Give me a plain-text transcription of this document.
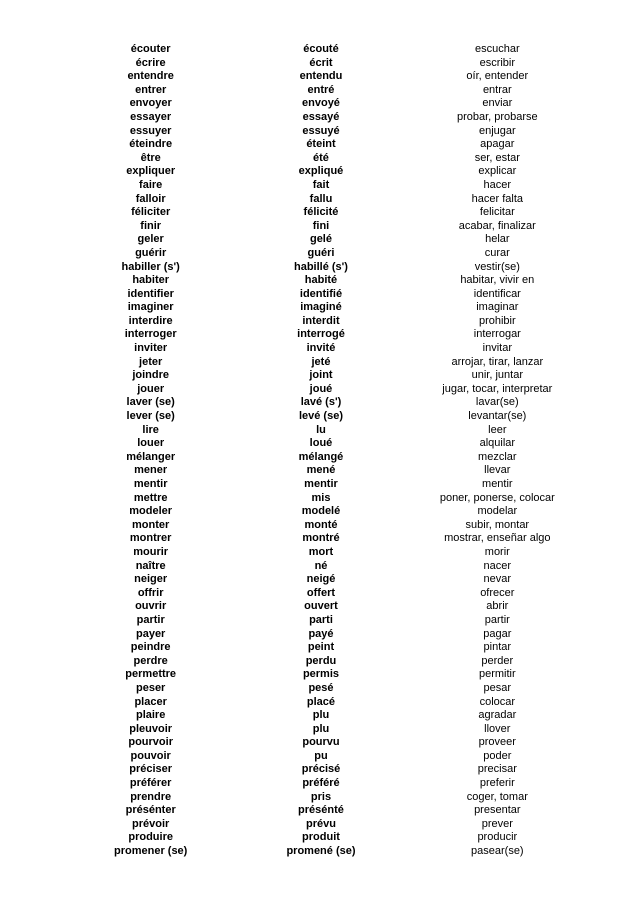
écouter	écouté	escuchar
écrire	écrit	escribir
entendre	entendu	oír, entender
entrer	entré	entrar
envoyer	envoyé	enviar
essayer	essayé	probar, probarse
essuyer	essuyé	enjugar
éteindre	éteint	apagar
être	été	ser, estar
expliquer	expliqué	explicar
faire	fait	hacer
falloir	fallu	hacer falta
féliciter	félicité	felicitar
finir	fini	acabar, finalizar
geler	gelé	helar
guérir	guéri	curar
habiller (s')	habillé (s')	vestir(se)
habiter	habité	habitar, vivir en
identifier	identifié	identificar
imaginer	imaginé	imaginar
interdire	interdit	prohibir
interroger	interrogé	interrogar
inviter	invité	invitar
jeter	jeté	arrojar, tirar, lanzar
joindre	joint	unir, juntar
jouer	joué	jugar, tocar, interpretar
laver (se)	lavé (s')	lavar(se)
lever (se)	levé (se)	levantar(se)
lire	lu	leer
louer	loué	alquilar
mélanger	mélangé	mezclar
mener	mené	llevar
mentir	mentir	mentir
mettre	mis	poner, ponerse, colocar
modeler	modelé	modelar
monter	monté	subir, montar
montrer	montré	mostrar, enseñar algo
mourir	mort	morir
naître	né	nacer
neiger	neigé	nevar
offrir	offert	ofrecer
ouvrir	ouvert	abrir
partir	parti	partir
payer	payé	pagar
peindre	peint	pintar
perdre	perdu	perder
permettre	permis	permitir
peser	pesé	pesar
placer	placé	colocar
plaire	plu	agradar
pleuvoir	plu	llover
pourvoir	pourvu	proveer
pouvoir	pu	poder
préciser	précisé	precisar
préférer	préféré	preferir
prendre	pris	coger, tomar
présénter	présénté	presentar
prévoir	prévu	prever
produire	produit	producir
promener (se)	promené (se)	pasear(se)
